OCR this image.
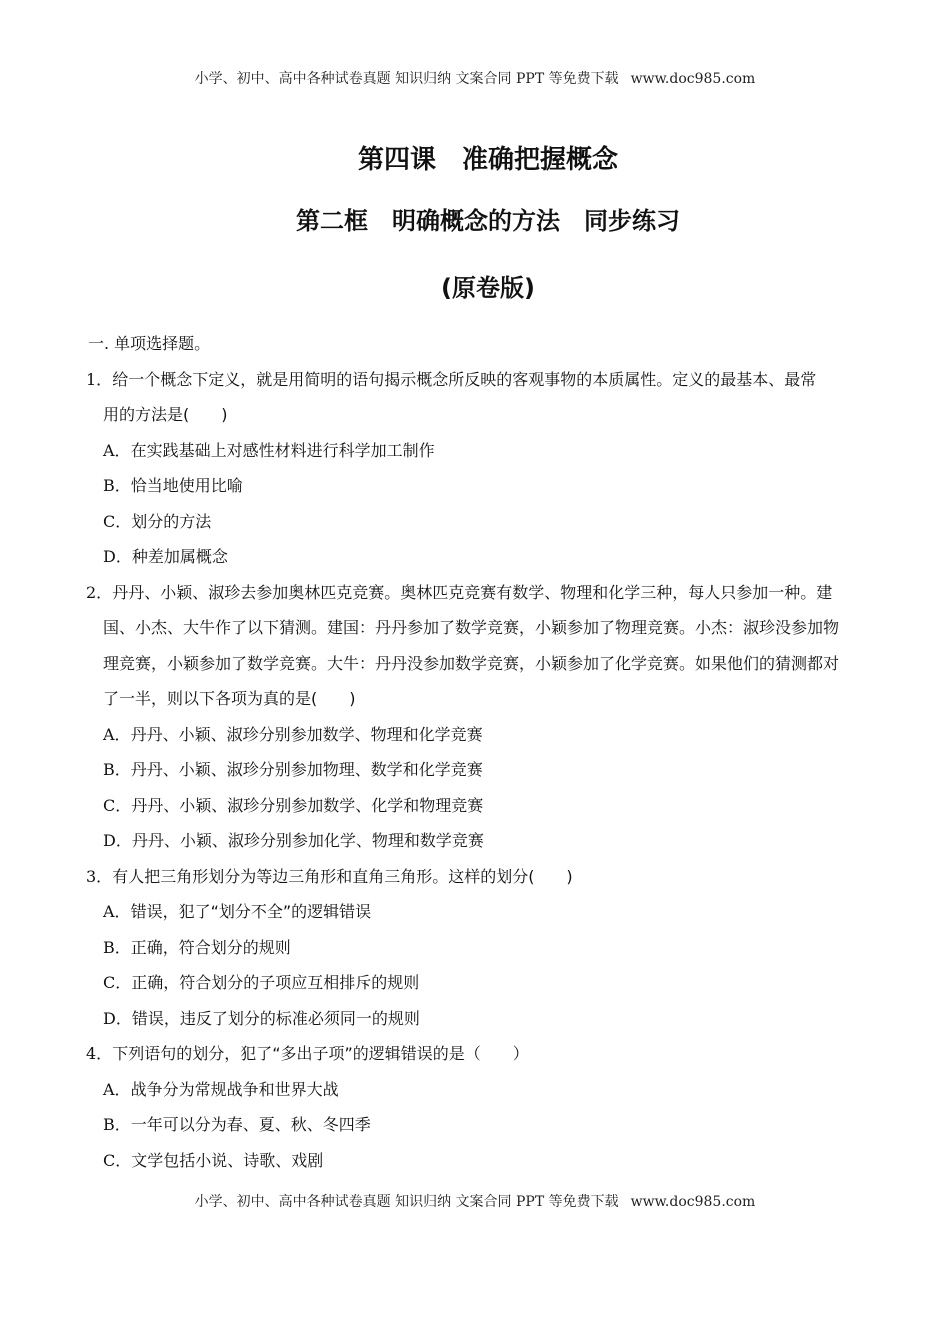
小学、初中、高中各种试卷真题 知识归纳 文案合同 PPT 等免费下载 www.doc985.com
第四课　准确把握概念
第二框　明确概念的方法　同步练习
(原卷版)
一. 单项选择题。
1．给一个概念下定义，就是用简明的语句揭示概念所反映的客观事物的本质属性。定义的最基本、最常
用的方法是(　　)
A．在实践基础上对感性材料进行科学加工制作
B．恰当地使用比喻
C．划分的方法
D．种差加属概念
2．丹丹、小颖、淑珍去参加奥林匹克竞赛。奥林匹克竞赛有数学、物理和化学三种，每人只参加一种。建
国、小杰、大牛作了以下猜测。建国：丹丹参加了数学竞赛，小颖参加了物理竞赛。小杰：淑珍没参加物
理竞赛，小颖参加了数学竞赛。大牛：丹丹没参加数学竞赛，小颖参加了化学竞赛。如果他们的猜测都对
了一半，则以下各项为真的是(　　)
A．丹丹、小颖、淑珍分别参加数学、物理和化学竞赛
B．丹丹、小颖、淑珍分别参加物理、数学和化学竞赛
C．丹丹、小颖、淑珍分别参加数学、化学和物理竞赛
D．丹丹、小颖、淑珍分别参加化学、物理和数学竞赛
3．有人把三角形划分为等边三角形和直角三角形。这样的划分(　　)
A．错误，犯了“划分不全”的逻辑错误
B．正确，符合划分的规则
C．正确，符合划分的子项应互相排斥的规则
D．错误，违反了划分的标准必须同一的规则
4．下列语句的划分，犯了“多出子项”的逻辑错误的是（　　）
A．战争分为常规战争和世界大战
B．一年可以分为春、夏、秋、冬四季
C．文学包括小说、诗歌、戏剧
小学、初中、高中各种试卷真题 知识归纳 文案合同 PPT 等免费下载 www.doc985.com
